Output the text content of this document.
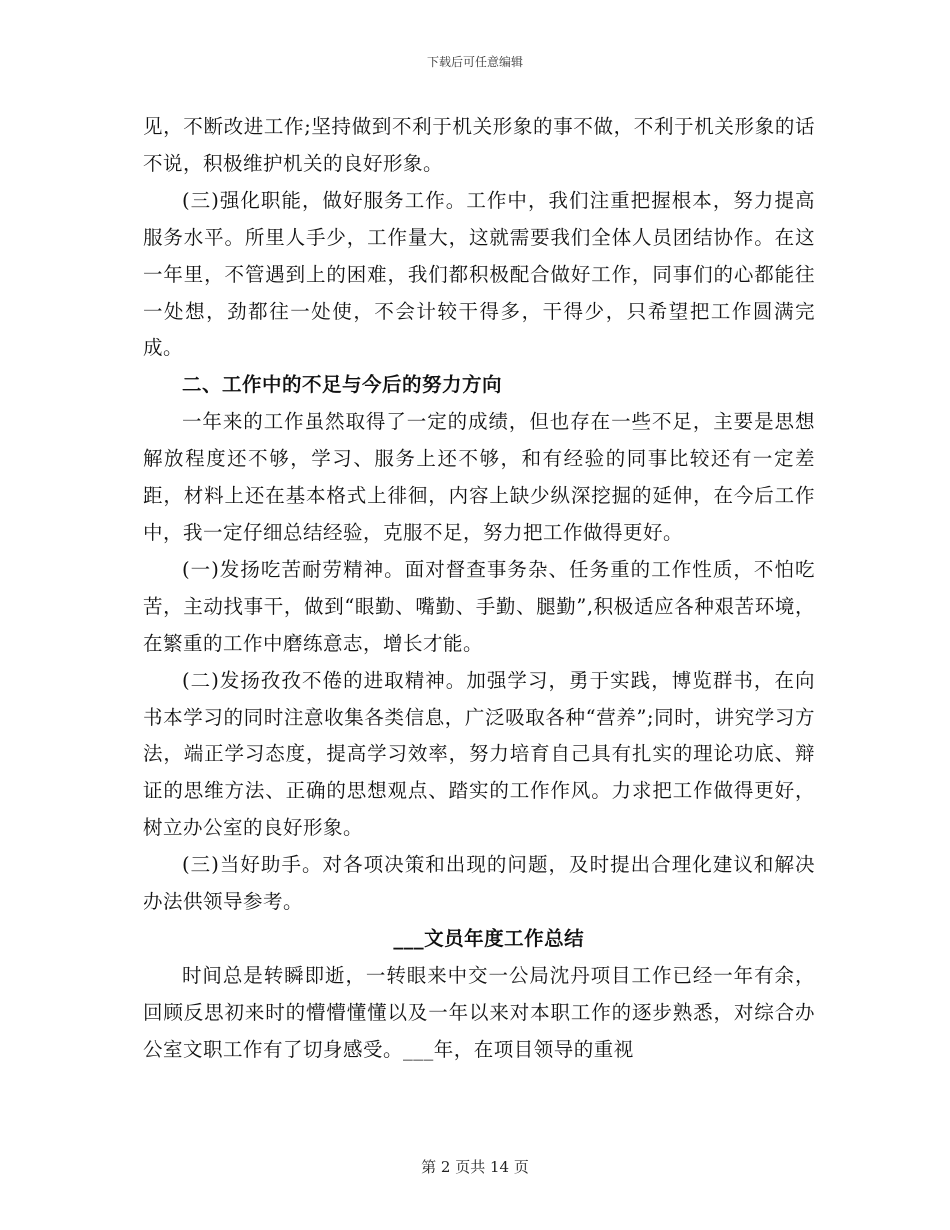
下载后可任意编辑

见，不断改进工作;坚持做到不利于机关形象的事不做，不利于机关形象的话不说，积极维护机关的良好形象。

(三)强化职能，做好服务工作。工作中，我们注重把握根本，努力提高服务水平。所里人手少，工作量大，这就需要我们全体人员团结协作。在这一年里，不管遇到上的困难，我们都积极配合做好工作，同事们的心都能往一处想，劲都往一处使，不会计较干得多，干得少，只希望把工作圆满完成。

二、工作中的不足与今后的努力方向

一年来的工作虽然取得了一定的成绩，但也存在一些不足，主要是思想解放程度还不够，学习、服务上还不够，和有经验的同事比较还有一定差距，材料上还在基本格式上徘徊，内容上缺少纵深挖掘的延伸，在今后工作中，我一定仔细总结经验，克服不足，努力把工作做得更好。

(一)发扬吃苦耐劳精神。面对督查事务杂、任务重的工作性质，不怕吃苦，主动找事干，做到“眼勤、嘴勤、手勤、腿勤”,积极适应各种艰苦环境，在繁重的工作中磨练意志，增长才能。

(二)发扬孜孜不倦的进取精神。加强学习，勇于实践，博览群书，在向书本学习的同时注意收集各类信息，广泛吸取各种“营养”;同时，讲究学习方法，端正学习态度，提高学习效率，努力培育自己具有扎实的理论功底、辩证的思维方法、正确的思想观点、踏实的工作作风。力求把工作做得更好，树立办公室的良好形象。

(三)当好助手。对各项决策和出现的问题，及时提出合理化建议和解决办法供领导参考。

___文员年度工作总结

时间总是转瞬即逝，一转眼来中交一公局沈丹项目工作已经一年有余，回顾反思初来时的懵懵懂懂以及一年以来对本职工作的逐步熟悉，对综合办公室文职工作有了切身感受。___年，在项目领导的重视

第 2 页共 14 页
